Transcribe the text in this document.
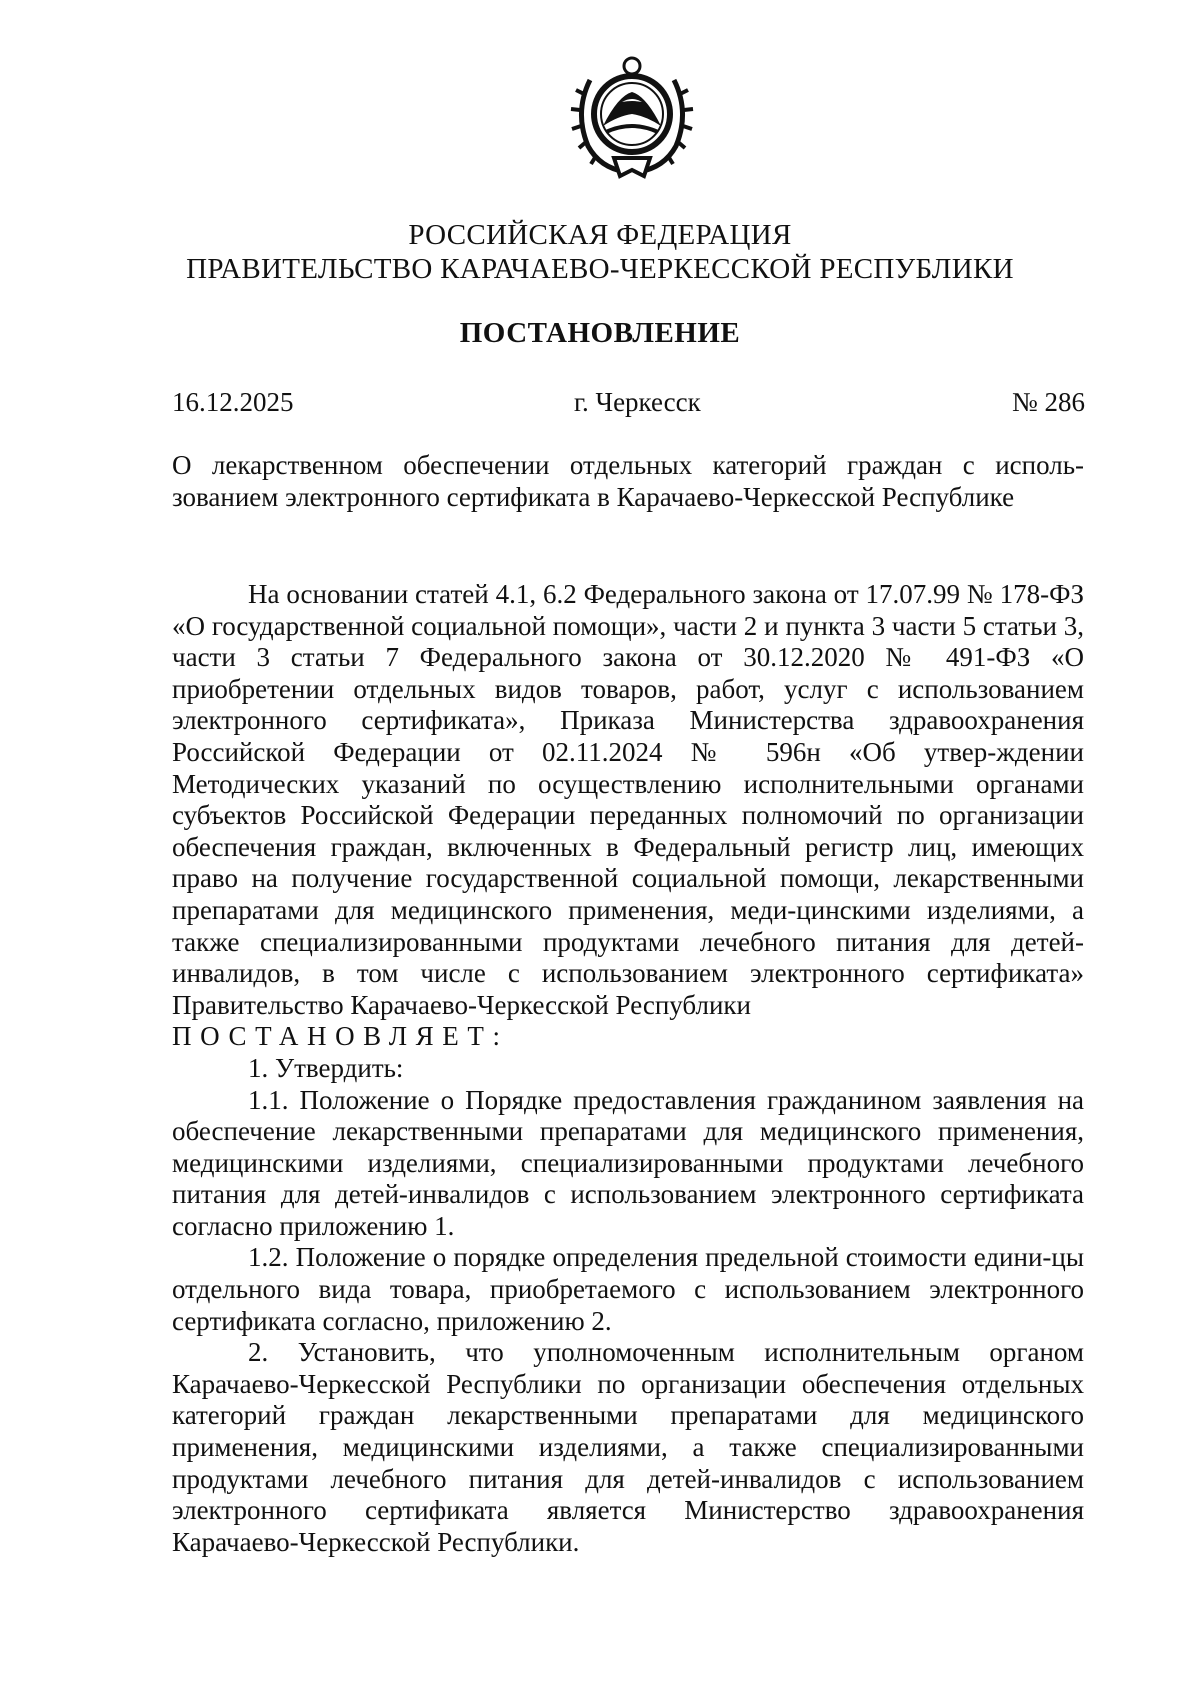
РОССИЙСКАЯ ФЕДЕРАЦИЯ
ПРАВИТЕЛЬСТВО КАРАЧАЕВО-ЧЕРКЕССКОЙ РЕСПУБЛИКИ
ПОСТАНОВЛЕНИЕ
16.12.2025	г. Черкесск	№ 286
О лекарственном обеспечении отдельных категорий граждан с исполь-зованием электронного сертификата в Карачаево-Черкесской Республике

На основании статей 4.1, 6.2 Федерального закона от 17.07.99 № 178-ФЗ «О государственной социальной помощи», части 2 и пункта 3 части 5 статьи 3, части 3 статьи 7 Федерального закона от 30.12.2020 № 491-ФЗ «О приобретении отдельных видов товаров, работ, услуг с использованием электронного сертификата», Приказа Министерства здравоохранения Российской Федерации от 02.11.2024 № 596н «Об утвер-ждении Методических указаний по осуществлению исполнительными органами субъектов Российской Федерации переданных полномочий по организации обеспечения граждан, включенных в Федеральный регистр лиц, имеющих право на получение государственной социальной помощи, лекарственными препаратами для медицинского применения, меди-цинскими изделиями, а также специализированными продуктами лечебного питания для детей-инвалидов, в том числе с использованием электронного сертификата» Правительство Карачаево-Черкесской Республики

ПОСТАНОВЛЯЕТ:

1. Утвердить:

1.1. Положение о Порядке предоставления гражданином заявления на обеспечение лекарственными препаратами для медицинского применения, медицинскими изделиями, специализированными продуктами лечебного питания для детей-инвалидов с использованием электронного сертификата согласно приложению 1.

1.2. Положение о порядке определения предельной стоимости едини-цы отдельного вида товара, приобретаемого с использованием электронного сертификата согласно, приложению 2.

2. Установить, что уполномоченным исполнительным органом Карачаево-Черкесской Республики по организации обеспечения отдельных категорий граждан лекарственными препаратами для медицинского применения, медицинскими изделиями, а также специализированными продуктами лечебного питания для детей-инвалидов с использованием электронного сертификата является Министерство здравоохранения Карачаево-Черкесской Республики.
